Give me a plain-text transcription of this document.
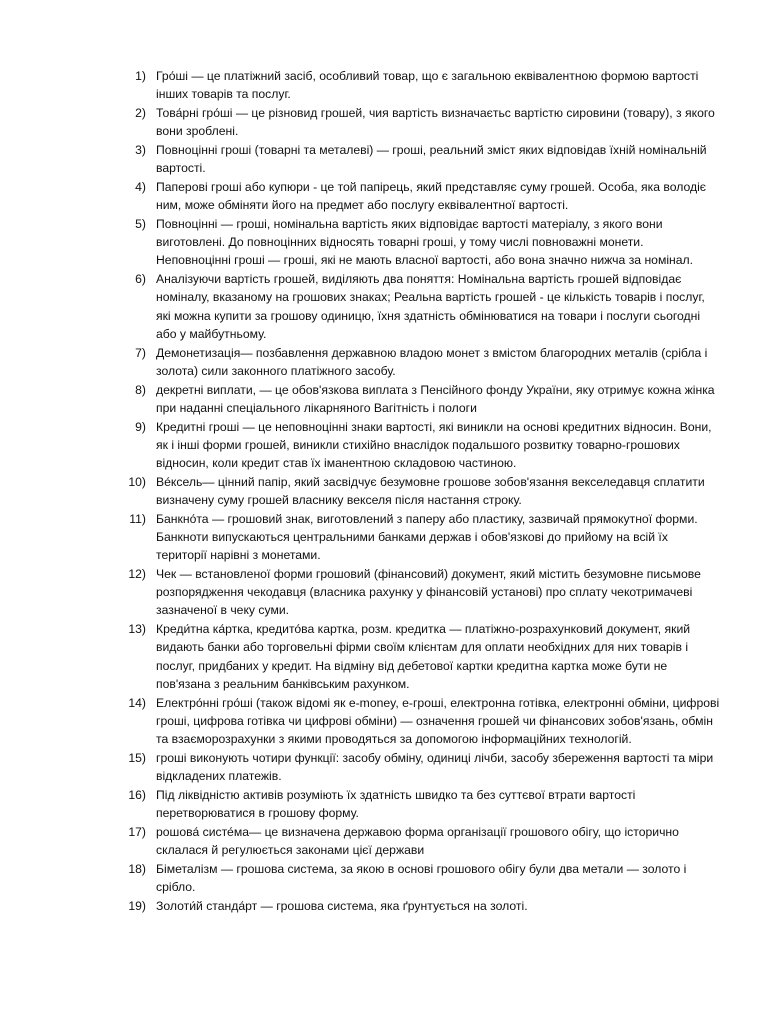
1) Гро́ші — це платіжний засіб, особливий товар, що є загальною еквівалентною формою вартості інших товарів та послуг.
2) Това́рні гро́ші — це різновид грошей, чия вартість визначаєтьс вартістю сировини (товару), з якого вони зроблені.
3) Повноцінні гроші (товарні та металеві) — гроші, реальний зміст яких відповідав їхній номінальній вартості.
4) Паперові гроші або купюри - це той папірець, який представляє суму грошей. Особа, яка володіє ним, може обміняти його на предмет або послугу еквівалентної вартості.
5) Повноцінні — гроші, номінальна вартість яких відповідає вартості матеріалу, з якого вони виготовлені. До повноцінних відносять товарні гроші, у тому числі повноважні монети. Неповноцінні гроші — гроші, які не мають власної вартості, або вона значно нижча за номінал.
6) Аналізуючи вартість грошей, виділяють два поняття: Номінальна вартість грошей відповідає номіналу, вказаному на грошових знаках; Реальна вартість грошей - це кількість товарів і послуг, які можна купити за грошову одиницю, їхня здатність обмінюватися на товари і послуги сьогодні або у майбутньому.
7) Демонетизація— позбавлення державною владою монет з вмістом благородних металів (срібла і золота) сили законного платіжного засобу.
8) декретні виплати, — це обов'язкова виплата з Пенсійного фонду України, яку отримує кожна жінка при наданні спеціального лікарняного Вагітність і пологи
9) Кредитні гроші — це неповноцінні знаки вартості, які виникли на основі кредитних відносин. Вони, як і інші форми грошей, виникли стихійно внаслідок подальшого розвитку товарно-грошових відносин, коли кредит став їх іманентною складовою частиною.
10) Ве́ксель— цінний папір, який засвідчує безумовне грошове зобов'язання векселедавця сплатити визначену суму грошей власнику векселя після настання строку.
11) Банкно́та — грошовий знак, виготовлений з паперу або пластику, зазвичай прямокутної форми. Банкноти випускаються центральними банками держав і обов'язкові до прийому на всій їх території нарівні з монетами.
12) Чек — встановленої форми грошовий (фінансовий) документ, який містить безумовне письмове розпорядження чекодавця (власника рахунку у фінансовій установі) про сплату чекотримачеві зазначеної в чеку суми.
13) Креди́тна ка́ртка, кредито́ва картка, розм. кредитка — платіжно-розрахунковий документ, який видають банки або торговельні фірми своїм клієнтам для оплати необхідних для них товарів і послуг, придбаних у кредит. На відміну від дебетової картки кредитна картка може бути не пов'язана з реальним банківським рахунком.
14) Електро́нні гро́ші (також відомі як e-money, е-гроші, електронна готівка, електронні обміни, цифрові гроші, цифрова готівка чи цифрові обміни) — означення грошей чи фінансових зобов'язань, обмін та взаєморозрахунки з якими проводяться за допомогою інформаційних технологій.
15) гроші виконують чотири функції: засобу обміну, одиниці лічби, засобу збереження вартості та міри відкладених платежів.
16) Під ліквідністю активів розуміють їх здатність швидко та без суттєвої втрати вартості перетворюватися в грошову форму.
17) рошова́ систе́ма— це визначена державою форма організації грошового обігу, що історично склалася й регулюється законами цієї держави
18) Біметалізм — грошова система, за якою в основі грошового обігу були два метали — золото і срібло.
19) Золоти́й станда́рт — грошова система, яка ґрунтується на золоті.
